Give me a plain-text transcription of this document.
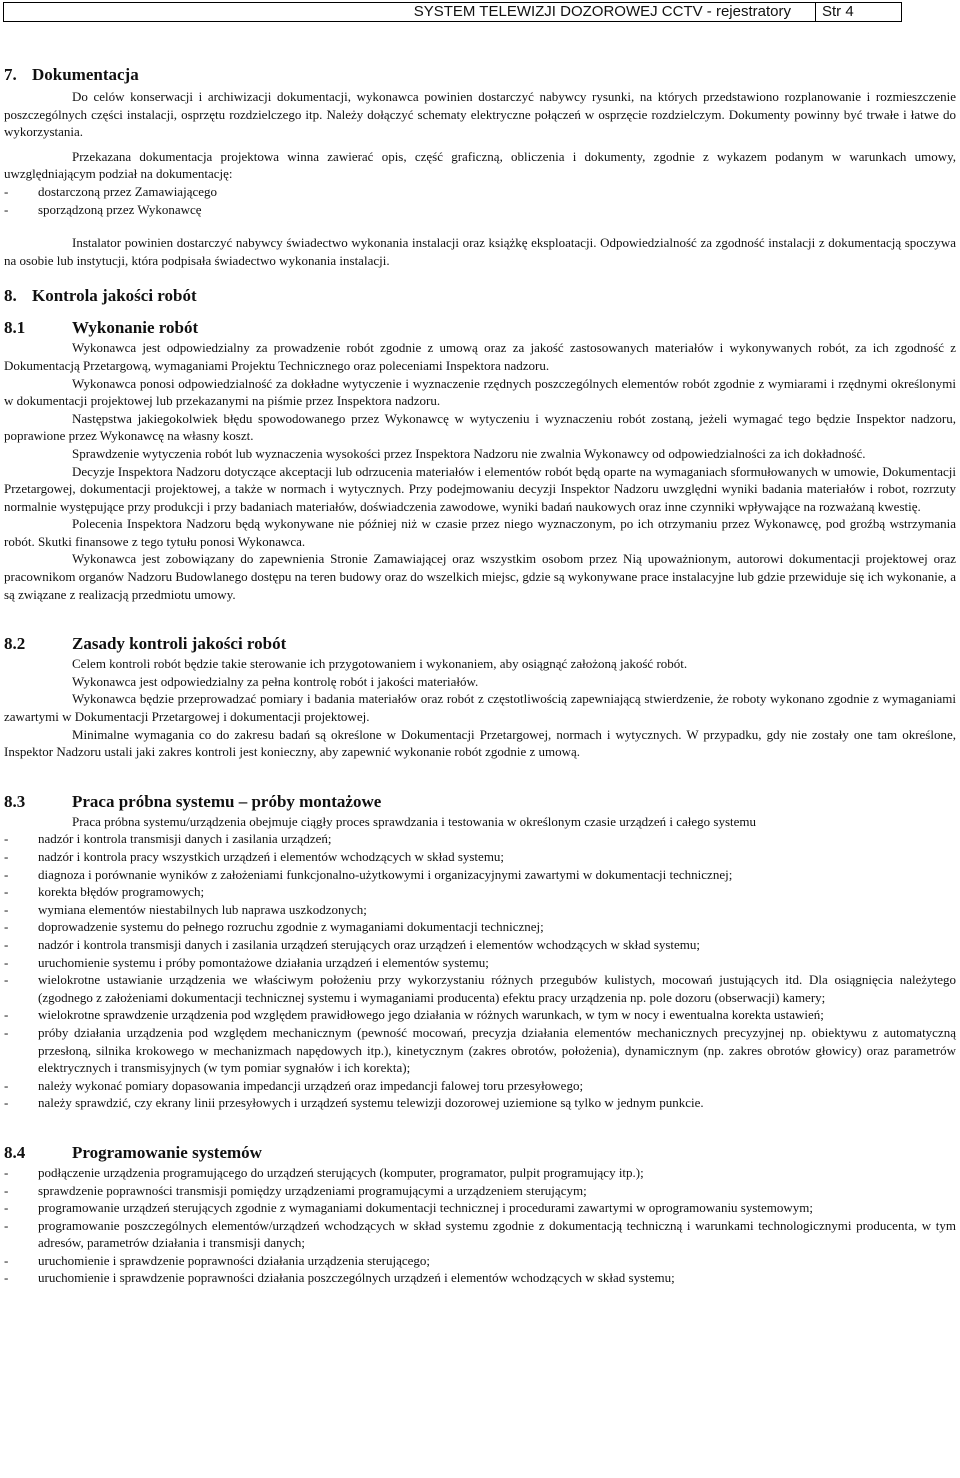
SYSTEM TELEWIZJI DOZOROWEJ CCTV - rejestratory	Str 4
7. Dokumentacja

Do celów konserwacji i archiwizacji dokumentacji, wykonawca powinien dostarczyć nabywcy rysunki, na których przedstawiono rozplanowanie i rozmieszczenie poszczególnych części instalacji, osprzętu rozdzielczego itp. Należy dołączyć schematy elektryczne połączeń w osprzęcie rozdzielczym. Dokumenty powinny być trwałe i łatwe do wykorzystania.

Przekazana dokumentacja projektowa winna zawierać opis, część graficzną, obliczenia i dokumenty, zgodnie z wykazem podanym w warunkach umowy, uwzględniającym podział na dokumentację:

-	dostarczoną przez Zamawiającego
-	sporządzoną przez Wykonawcę

Instalator powinien dostarczyć nabywcy świadectwo wykonania instalacji oraz książkę eksploatacji. Odpowiedzialność za zgodność instalacji z dokumentacją spoczywa na osobie lub instytucji, która podpisała świadectwo wykonania instalacji.

8. Kontrola jakości robót
8.1	Wykonanie robót

Wykonawca jest odpowiedzialny za prowadzenie robót zgodnie z umową oraz za jakość zastosowanych materiałów i wykonywanych robót, za ich zgodność z Dokumentacją Przetargową, wymaganiami Projektu Technicznego oraz poleceniami Inspektora nadzoru.

Wykonawca ponosi odpowiedzialność za dokładne wytyczenie i wyznaczenie rzędnych poszczególnych elementów robót zgodnie z wymiarami i rzędnymi określonymi w dokumentacji projektowej lub przekazanymi na piśmie przez Inspektora nadzoru.

Następstwa jakiegokolwiek błędu spowodowanego przez Wykonawcę w wytyczeniu i wyznaczeniu robót zostaną, jeżeli wymagać tego będzie Inspektor nadzoru, poprawione przez Wykonawcę na własny koszt.

Sprawdzenie wytyczenia robót lub wyznaczenia wysokości przez Inspektora Nadzoru nie zwalnia Wykonawcy od odpowiedzialności za ich dokładność.

Decyzje Inspektora Nadzoru dotyczące akceptacji lub odrzucenia materiałów i elementów robót będą oparte na wymaganiach sformułowanych w umowie, Dokumentacji Przetargowej, dokumentacji projektowej, a także w normach i wytycznych. Przy podejmowaniu decyzji Inspektor Nadzoru uwzględni wyniki badania materiałów i robot, rozrzuty normalnie występujące przy produkcji i przy badaniach materiałów, doświadczenia zawodowe, wyniki badań naukowych oraz inne czynniki wpływające na rozważaną kwestię.

Polecenia Inspektora Nadzoru będą wykonywane nie później niż w czasie przez niego wyznaczonym, po ich otrzymaniu przez Wykonawcę, pod groźbą wstrzymania robót. Skutki finansowe z tego tytułu ponosi Wykonawca.

Wykonawca jest zobowiązany do zapewnienia Stronie Zamawiającej oraz wszystkim osobom przez Nią upoważnionym, autorowi dokumentacji projektowej oraz pracownikom organów Nadzoru Budowlanego dostępu na teren budowy oraz do wszelkich miejsc, gdzie są wykonywane prace instalacyjne lub gdzie przewiduje się ich wykonanie, a są związane z realizacją przedmiotu umowy.

8.2	Zasady kontroli jakości robót

Celem kontroli robót będzie takie sterowanie ich przygotowaniem i wykonaniem, aby osiągnąć założoną jakość robót.

Wykonawca jest odpowiedzialny za pełna kontrolę robót i jakości materiałów.

Wykonawca będzie przeprowadzać pomiary i badania materiałów oraz robót z częstotliwością zapewniającą stwierdzenie, że roboty wykonano zgodnie z wymaganiami zawartymi w Dokumentacji Przetargowej i dokumentacji projektowej.

Minimalne wymagania co do zakresu badań są określone w Dokumentacji Przetargowej, normach i wytycznych. W przypadku, gdy nie zostały one tam określone, Inspektor Nadzoru ustali jaki zakres kontroli jest konieczny, aby zapewnić wykonanie robót zgodnie z umową.

8.3	Praca próbna systemu – próby montażowe

Praca próbna systemu/urządzenia obejmuje ciągły proces sprawdzania i testowania w określonym czasie urządzeń i całego systemu

-	nadzór i kontrola transmisji danych i zasilania urządzeń;
-	nadzór i kontrola pracy wszystkich urządzeń i elementów wchodzących w skład systemu;
-	diagnoza i porównanie wyników z założeniami funkcjonalno-użytkowymi i organizacyjnymi zawartymi w dokumentacji technicznej;
-	korekta błędów programowych;
-	wymiana elementów niestabilnych lub naprawa uszkodzonych;
-	doprowadzenie systemu do pełnego rozruchu zgodnie z wymaganiami dokumentacji technicznej;
-	nadzór i kontrola transmisji danych i zasilania urządzeń sterujących oraz urządzeń i elementów wchodzących w skład systemu;
-	uruchomienie systemu i próby pomontażowe działania urządzeń i elementów systemu;
-	wielokrotne ustawianie urządzenia we właściwym położeniu przy wykorzystaniu różnych przegubów kulistych, mocowań justujących itd. Dla osiągnięcia należytego (zgodnego z założeniami dokumentacji technicznej systemu i wymaganiami producenta) efektu pracy urządzenia np. pole dozoru (obserwacji) kamery;
-	wielokrotne sprawdzenie urządzenia pod względem prawidłowego jego działania w różnych warunkach, w tym w nocy i ewentualna korekta ustawień;
-	próby działania urządzenia pod względem mechanicznym (pewność mocowań, precyzja działania elementów mechanicznych precyzyjnej np. obiektywu z automatyczną przesłoną, silnika krokowego w mechanizmach napędowych itp.), kinetycznym (zakres obrotów, położenia), dynamicznym (np. zakres obrotów głowicy) oraz parametrów elektrycznych i transmisyjnych (w tym pomiar sygnałów i ich korekta);
-	należy wykonać pomiary dopasowania impedancji urządzeń oraz impedancji falowej toru przesyłowego;
-	należy sprawdzić, czy ekrany linii przesyłowych i urządzeń systemu telewizji dozorowej uziemione są tylko w jednym punkcie.
8.4	Programowanie systemów
-	podłączenie urządzenia programującego do urządzeń sterujących (komputer, programator, pulpit programujący itp.);
-	sprawdzenie poprawności transmisji pomiędzy urządzeniami programującymi a urządzeniem sterującym;
-	programowanie urządzeń sterujących zgodnie z wymaganiami dokumentacji technicznej i procedurami zawartymi w oprogramowaniu systemowym;
-	programowanie poszczególnych elementów/urządzeń wchodzących w skład systemu zgodnie z dokumentacją techniczną i warunkami technologicznymi producenta, w tym adresów, parametrów działania i transmisji danych;
-	uruchomienie i sprawdzenie poprawności działania urządzenia sterującego;
-	uruchomienie i sprawdzenie poprawności działania poszczególnych urządzeń i elementów wchodzących w skład systemu;
